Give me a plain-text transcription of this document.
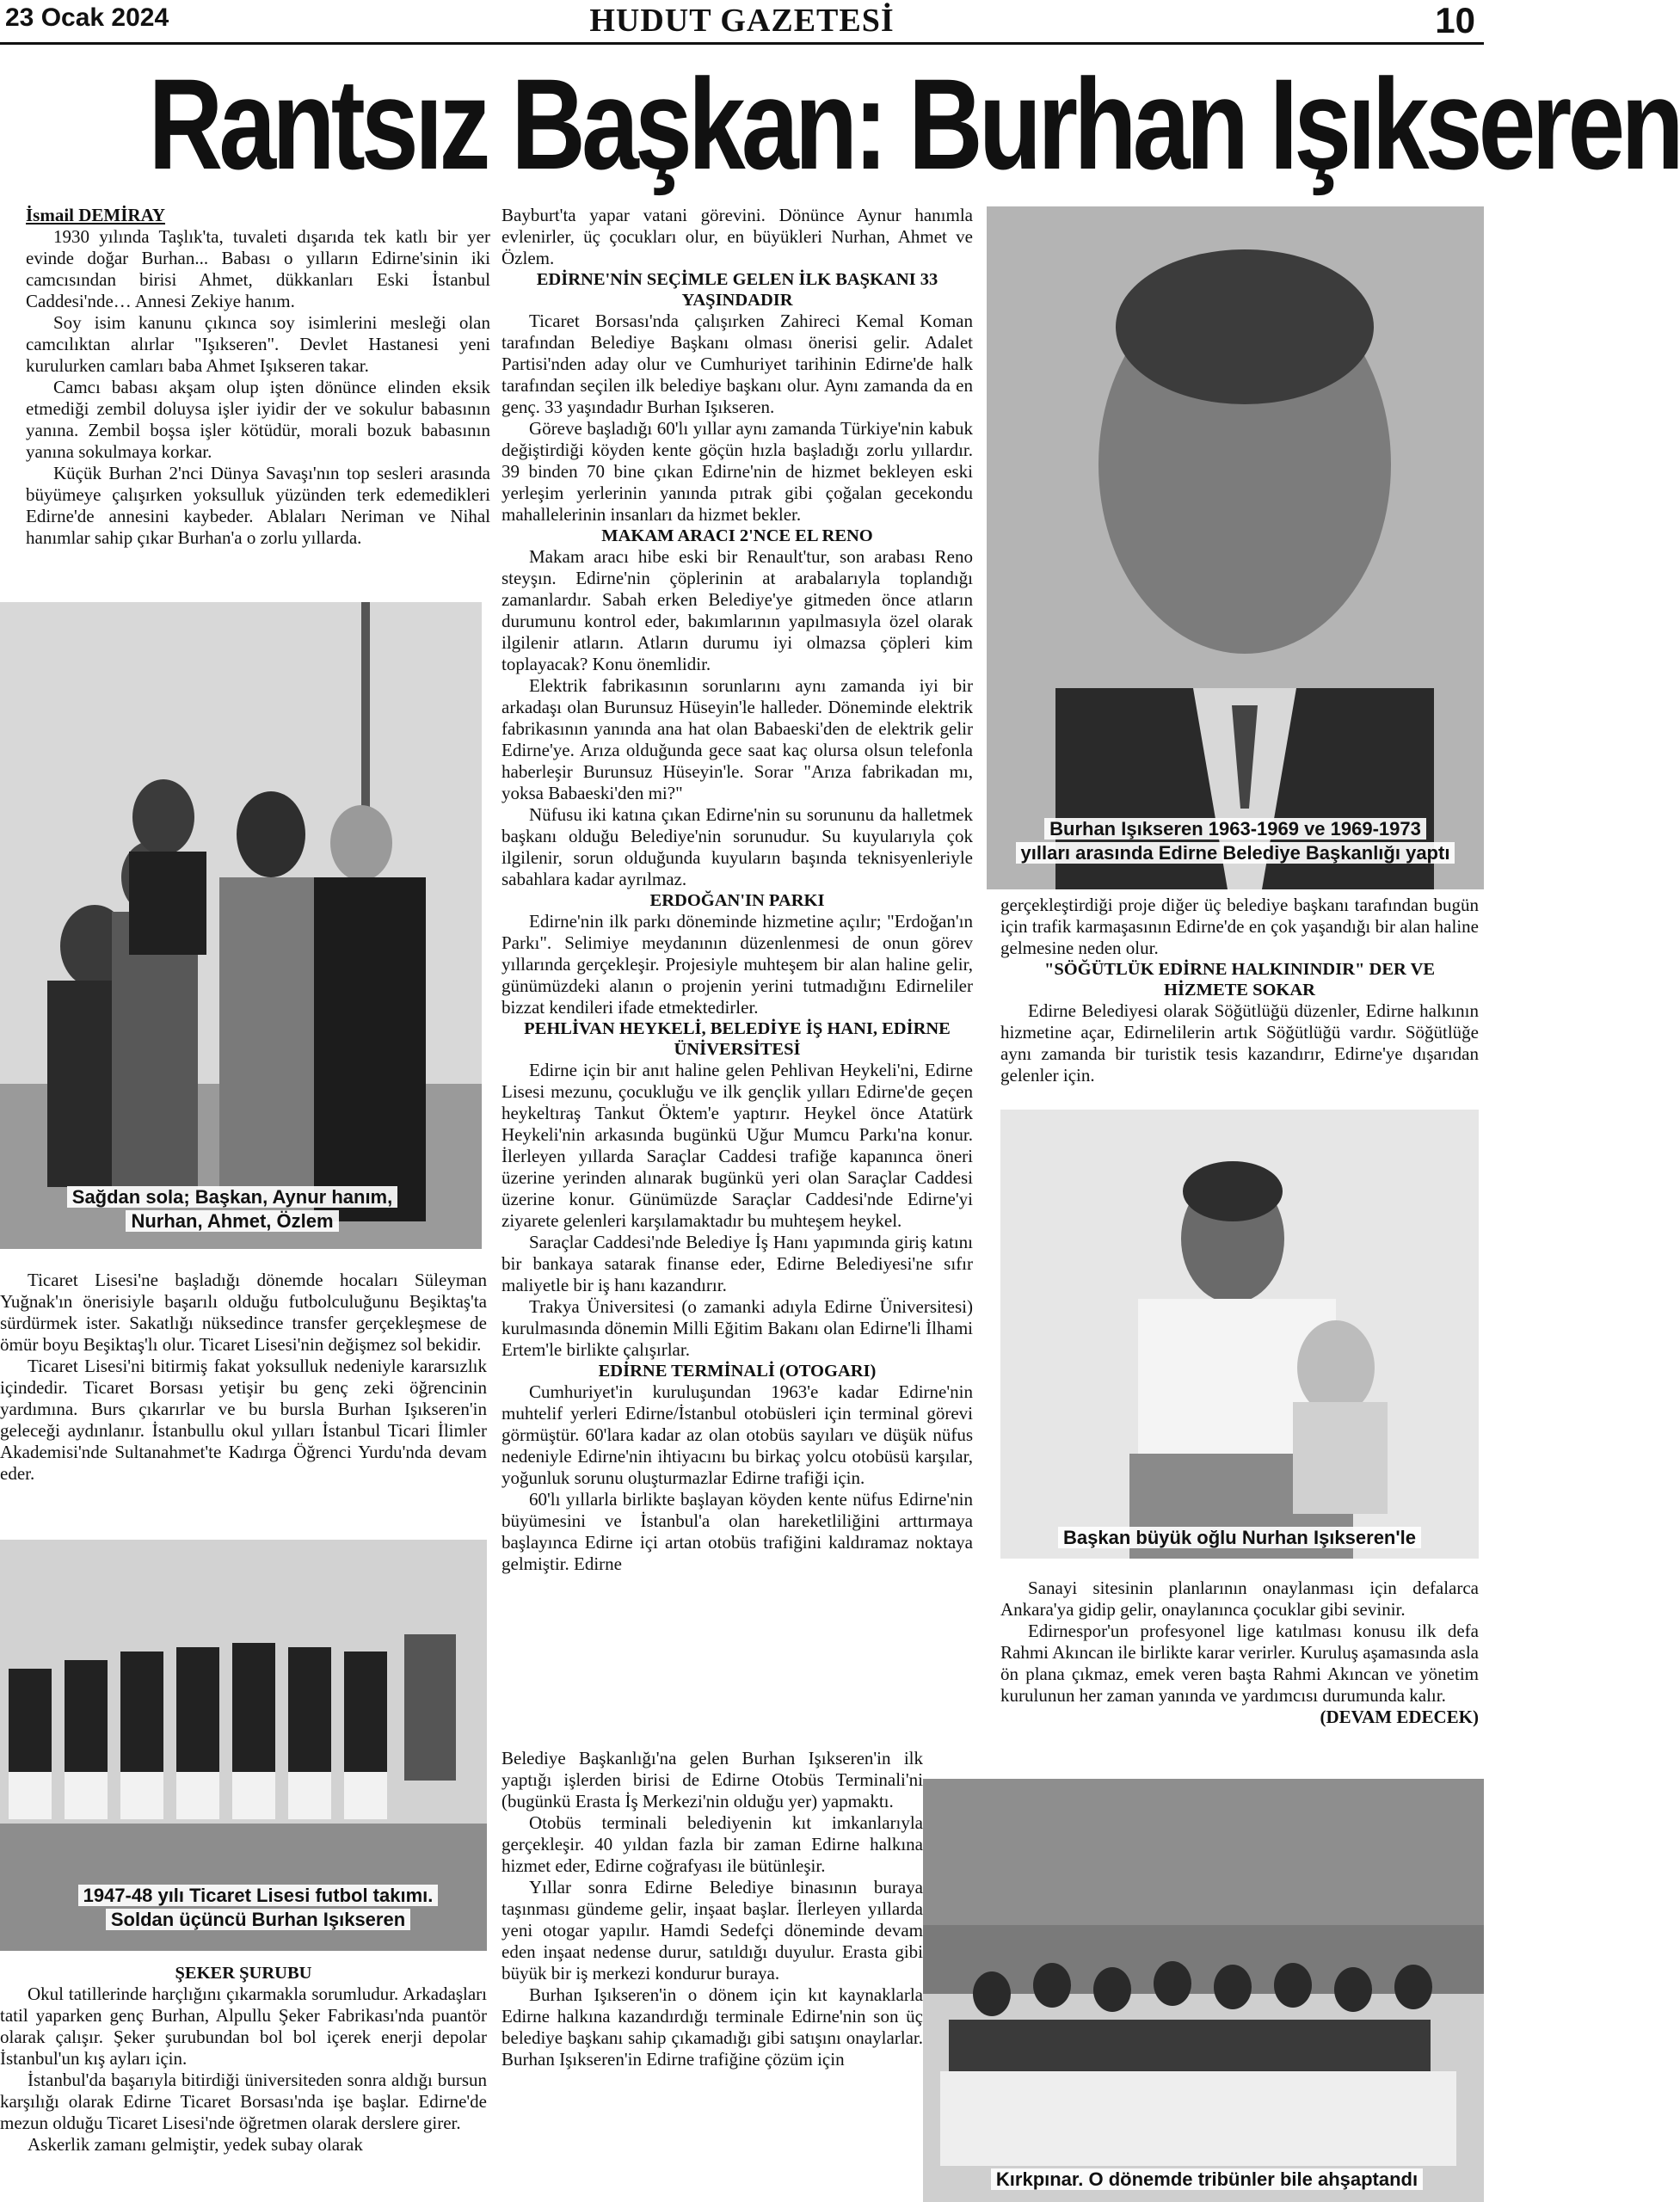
23 Ocak 2024	HUDUT GAZETESİ	10
Rantsız Başkan: Burhan Işıkseren

İsmail DEMİRAY

1930 yılında Taşlık'ta, tuvaleti dışarıda tek katlı bir yer evinde doğar Burhan... Babası o yılların Edirne'sinin iki camcısından birisi Ahmet, dükkanları Eski İstanbul Caddesi'nde… Annesi Zekiye hanım.

Soy isim kanunu çıkınca soy isimlerini mesleği olan camcılıktan alırlar "Işıkseren". Devlet Hastanesi yeni kurulurken camları baba Ahmet Işıkseren takar.

Camcı babası akşam olup işten dönünce elinden eksik etmediği zembil doluysa işler iyidir der ve sokulur babasının yanına. Zembil boşsa işler kötüdür, morali bozuk babasının yanına sokulmaya korkar.

Küçük Burhan 2'nci Dünya Savaşı'nın top sesleri arasında büyümeye çalışırken yoksulluk yüzünden terk edemedikleri Edirne'de annesini kaybeder. Ablaları Neriman ve Nihal hanımlar sahip çıkar Burhan'a o zorlu yıllarda.

Sağdan sola; Başkan, Aynur hanım,
Nurhan, Ahmet, Özlem

Ticaret Lisesi'ne başladığı dönemde hocaları Süleyman Yuğnak'ın önerisiyle başarılı olduğu futbolculuğunu Beşiktaş'ta sürdürmek ister. Sakatlığı nüksedince transfer gerçekleşmese de ömür boyu Beşiktaş'lı olur. Ticaret Lisesi'nin değişmez sol bekidir.

Ticaret Lisesi'ni bitirmiş fakat yoksulluk nedeniyle kararsızlık içindedir. Ticaret Borsası yetişir bu genç zeki öğrencinin yardımına. Burs çıkarırlar ve bu bursla Burhan Işıkseren'in geleceği aydınlanır. İstanbullu okul yılları İstanbul Ticari İlimler Akademisi'nde Sultanahmet'te Kadırga Öğrenci Yurdu'nda devam eder.

1947-48 yılı Ticaret Lisesi futbol takımı.
Soldan üçüncü Burhan Işıkseren

ŞEKER ŞURUBU

Okul tatillerinde harçlığını çıkarmakla sorumludur. Arkadaşları tatil yaparken genç Burhan, Alpullu Şeker Fabrikası'nda puantör olarak çalışır. Şeker şurubundan bol bol içerek enerji depolar İstanbul'un kış ayları için.

İstanbul'da başarıyla bitirdiği üniversiteden sonra aldığı bursun karşılığı olarak Edirne Ticaret Borsası'nda işe başlar. Edirne'de mezun olduğu Ticaret Lisesi'nde öğretmen olarak derslere girer.

Askerlik zamanı gelmiştir, yedek subay olarak

Bayburt'ta yapar vatani görevini. Dönünce Aynur hanımla evlenirler, üç çocukları olur, en büyükleri Nurhan, Ahmet ve Özlem.

EDİRNE'NİN SEÇİMLE GELEN İLK BAŞKANI 33 YAŞINDADIR

Ticaret Borsası'nda çalışırken Zahireci Kemal Koman tarafından Belediye Başkanı olması önerisi gelir. Adalet Partisi'nden aday olur ve Cumhuriyet tarihinin Edirne'de halk tarafından seçilen ilk belediye başkanı olur. Aynı zamanda da en genç. 33 yaşındadır Burhan Işıkseren.

Göreve başladığı 60'lı yıllar aynı zamanda Türkiye'nin kabuk değiştirdiği köyden kente göçün hızla başladığı zorlu yıllardır. 39 binden 70 bine çıkan Edirne'nin de hizmet bekleyen eski yerleşim yerlerinin yanında pıtrak gibi çoğalan gecekondu mahallelerinin insanları da hizmet bekler.

MAKAM ARACI 2'NCE EL RENO

Makam aracı hibe eski bir Renault'tur, son arabası Reno steyşın. Edirne'nin çöplerinin at arabalarıyla toplandığı zamanlardır. Sabah erken Belediye'ye gitmeden önce atların durumunu kontrol eder, bakımlarının yapılmasıyla özel olarak ilgilenir atların. Atların durumu iyi olmazsa çöpleri kim toplayacak? Konu önemlidir.

Elektrik fabrikasının sorunlarını aynı zamanda iyi bir arkadaşı olan Burunsuz Hüseyin'le halleder. Döneminde elektrik fabrikasının yanında ana hat olan Babaeski'den de elektrik gelir Edirne'ye. Arıza olduğunda gece saat kaç olursa olsun telefonla haberleşir Burunsuz Hüseyin'le. Sorar "Arıza fabrikadan mı, yoksa Babaeski'den mi?"

Nüfusu iki katına çıkan Edirne'nin su sorununu da halletmek başkanı olduğu Belediye'nin sorunudur. Su kuyularıyla çok ilgilenir, sorun olduğunda kuyuların başında teknisyenleriyle sabahlara kadar ayrılmaz.

ERDOĞAN'IN PARKI

Edirne'nin ilk parkı döneminde hizmetine açılır; "Erdoğan'ın Parkı". Selimiye meydanının düzenlenmesi de onun görev yıllarında gerçekleşir. Projesiyle muhteşem bir alan haline gelir, günümüzdeki alanın o projenin yerini tutmadığını Edirneliler bizzat kendileri ifade etmektedirler.

PEHLİVAN HEYKELİ, BELEDİYE İŞ HANI, EDİRNE ÜNİVERSİTESİ

Edirne için bir anıt haline gelen Pehlivan Heykeli'ni, Edirne Lisesi mezunu, çocukluğu ve ilk gençlik yılları Edirne'de geçen heykeltıraş Tankut Öktem'e yaptırır. Heykel önce Atatürk Heykeli'nin arkasında bugünkü Uğur Mumcu Parkı'na konur. İlerleyen yıllarda Saraçlar Caddesi trafiğe kapanınca öneri üzerine yerinden alınarak bugünkü yeri olan Saraçlar Caddesi üzerine konur. Günümüzde Saraçlar Caddesi'nde Edirne'yi ziyarete gelenleri karşılamaktadır bu muhteşem heykel.

Saraçlar Caddesi'nde Belediye İş Hanı yapımında giriş katını bir bankaya satarak finanse eder, Edirne Belediyesi'ne sıfır maliyetle bir iş hanı kazandırır.

Trakya Üniversitesi (o zamanki adıyla Edirne Üniversitesi) kurulmasında dönemin Milli Eğitim Bakanı olan Edirne'li İlhami Ertem'le birlikte çalışırlar.

EDİRNE TERMİNALİ (OTOGARI)

Cumhuriyet'in kuruluşundan 1963'e kadar Edirne'nin muhtelif yerleri Edirne/İstanbul otobüsleri için terminal görevi görmüştür. 60'lara kadar az olan otobüs sayıları ve düşük nüfus nedeniyle Edirne'nin ihtiyacını bu birkaç yolcu otobüsü karşılar, yoğunluk sorunu oluşturmazlar Edirne trafiği için.

60'lı yıllarla birlikte başlayan köyden kente nüfus Edirne'nin büyümesini ve İstanbul'a olan hareketliliğini arttırmaya başlayınca Edirne içi artan otobüs trafiğini kaldıramaz noktaya gelmiştir. Edirne

Belediye Başkanlığı'na gelen Burhan Işıkseren'in ilk yaptığı işlerden birisi de Edirne Otobüs Terminali'ni (bugünkü Erasta İş Merkezi'nin olduğu yer) yapmaktı.

Otobüs terminali belediyenin kıt imkanlarıyla gerçekleşir. 40 yıldan fazla bir zaman Edirne halkına hizmet eder, Edirne coğrafyası ile bütünleşir.

Yıllar sonra Edirne Belediye binasının buraya taşınması gündeme gelir, inşaat başlar. İlerleyen yıllarda yeni otogar yapılır. Hamdi Sedefçi döneminde devam eden inşaat nedense durur, satıldığı duyulur. Erasta gibi büyük bir iş merkezi kondurur buraya.

Burhan Işıkseren'in o dönem için kıt kaynaklarla Edirne halkına kazandırdığı terminale Edirne'nin son üç belediye başkanı sahip çıkamadığı gibi satışını onaylarlar. Burhan Işıkseren'in Edirne trafiğine çözüm için

Burhan Işıkseren 1963-1969 ve 1969-1973
yılları arasında Edirne Belediye Başkanlığı yaptı

gerçekleştirdiği proje diğer üç belediye başkanı tarafından bugün için trafik karmaşasının Edirne'de en çok yaşandığı bir alan haline gelmesine neden olur.

"SÖĞÜTLÜK EDİRNE HALKININDIR" DER VE HİZMETE SOKAR

Edirne Belediyesi olarak Söğütlüğü düzenler, Edirne halkının hizmetine açar, Edirnelilerin artık Söğütlüğü vardır. Söğütlüğe aynı zamanda bir turistik tesis kazandırır, Edirne'ye dışarıdan gelenler için.

Başkan büyük oğlu Nurhan Işıkseren'le

Sanayi sitesinin planlarının onaylanması için defalarca Ankara'ya gidip gelir, onaylanınca çocuklar gibi sevinir.

Edirnespor'un profesyonel lige katılması konusu ilk defa Rahmi Akıncan ile birlikte karar verirler. Kuruluş aşamasında asla ön plana çıkmaz, emek veren başta Rahmi Akıncan ve yönetim kurulunun her zaman yanında ve yardımcısı durumunda kalır.

(DEVAM EDECEK)

Kırkpınar. O dönemde tribünler bile ahşaptandı
